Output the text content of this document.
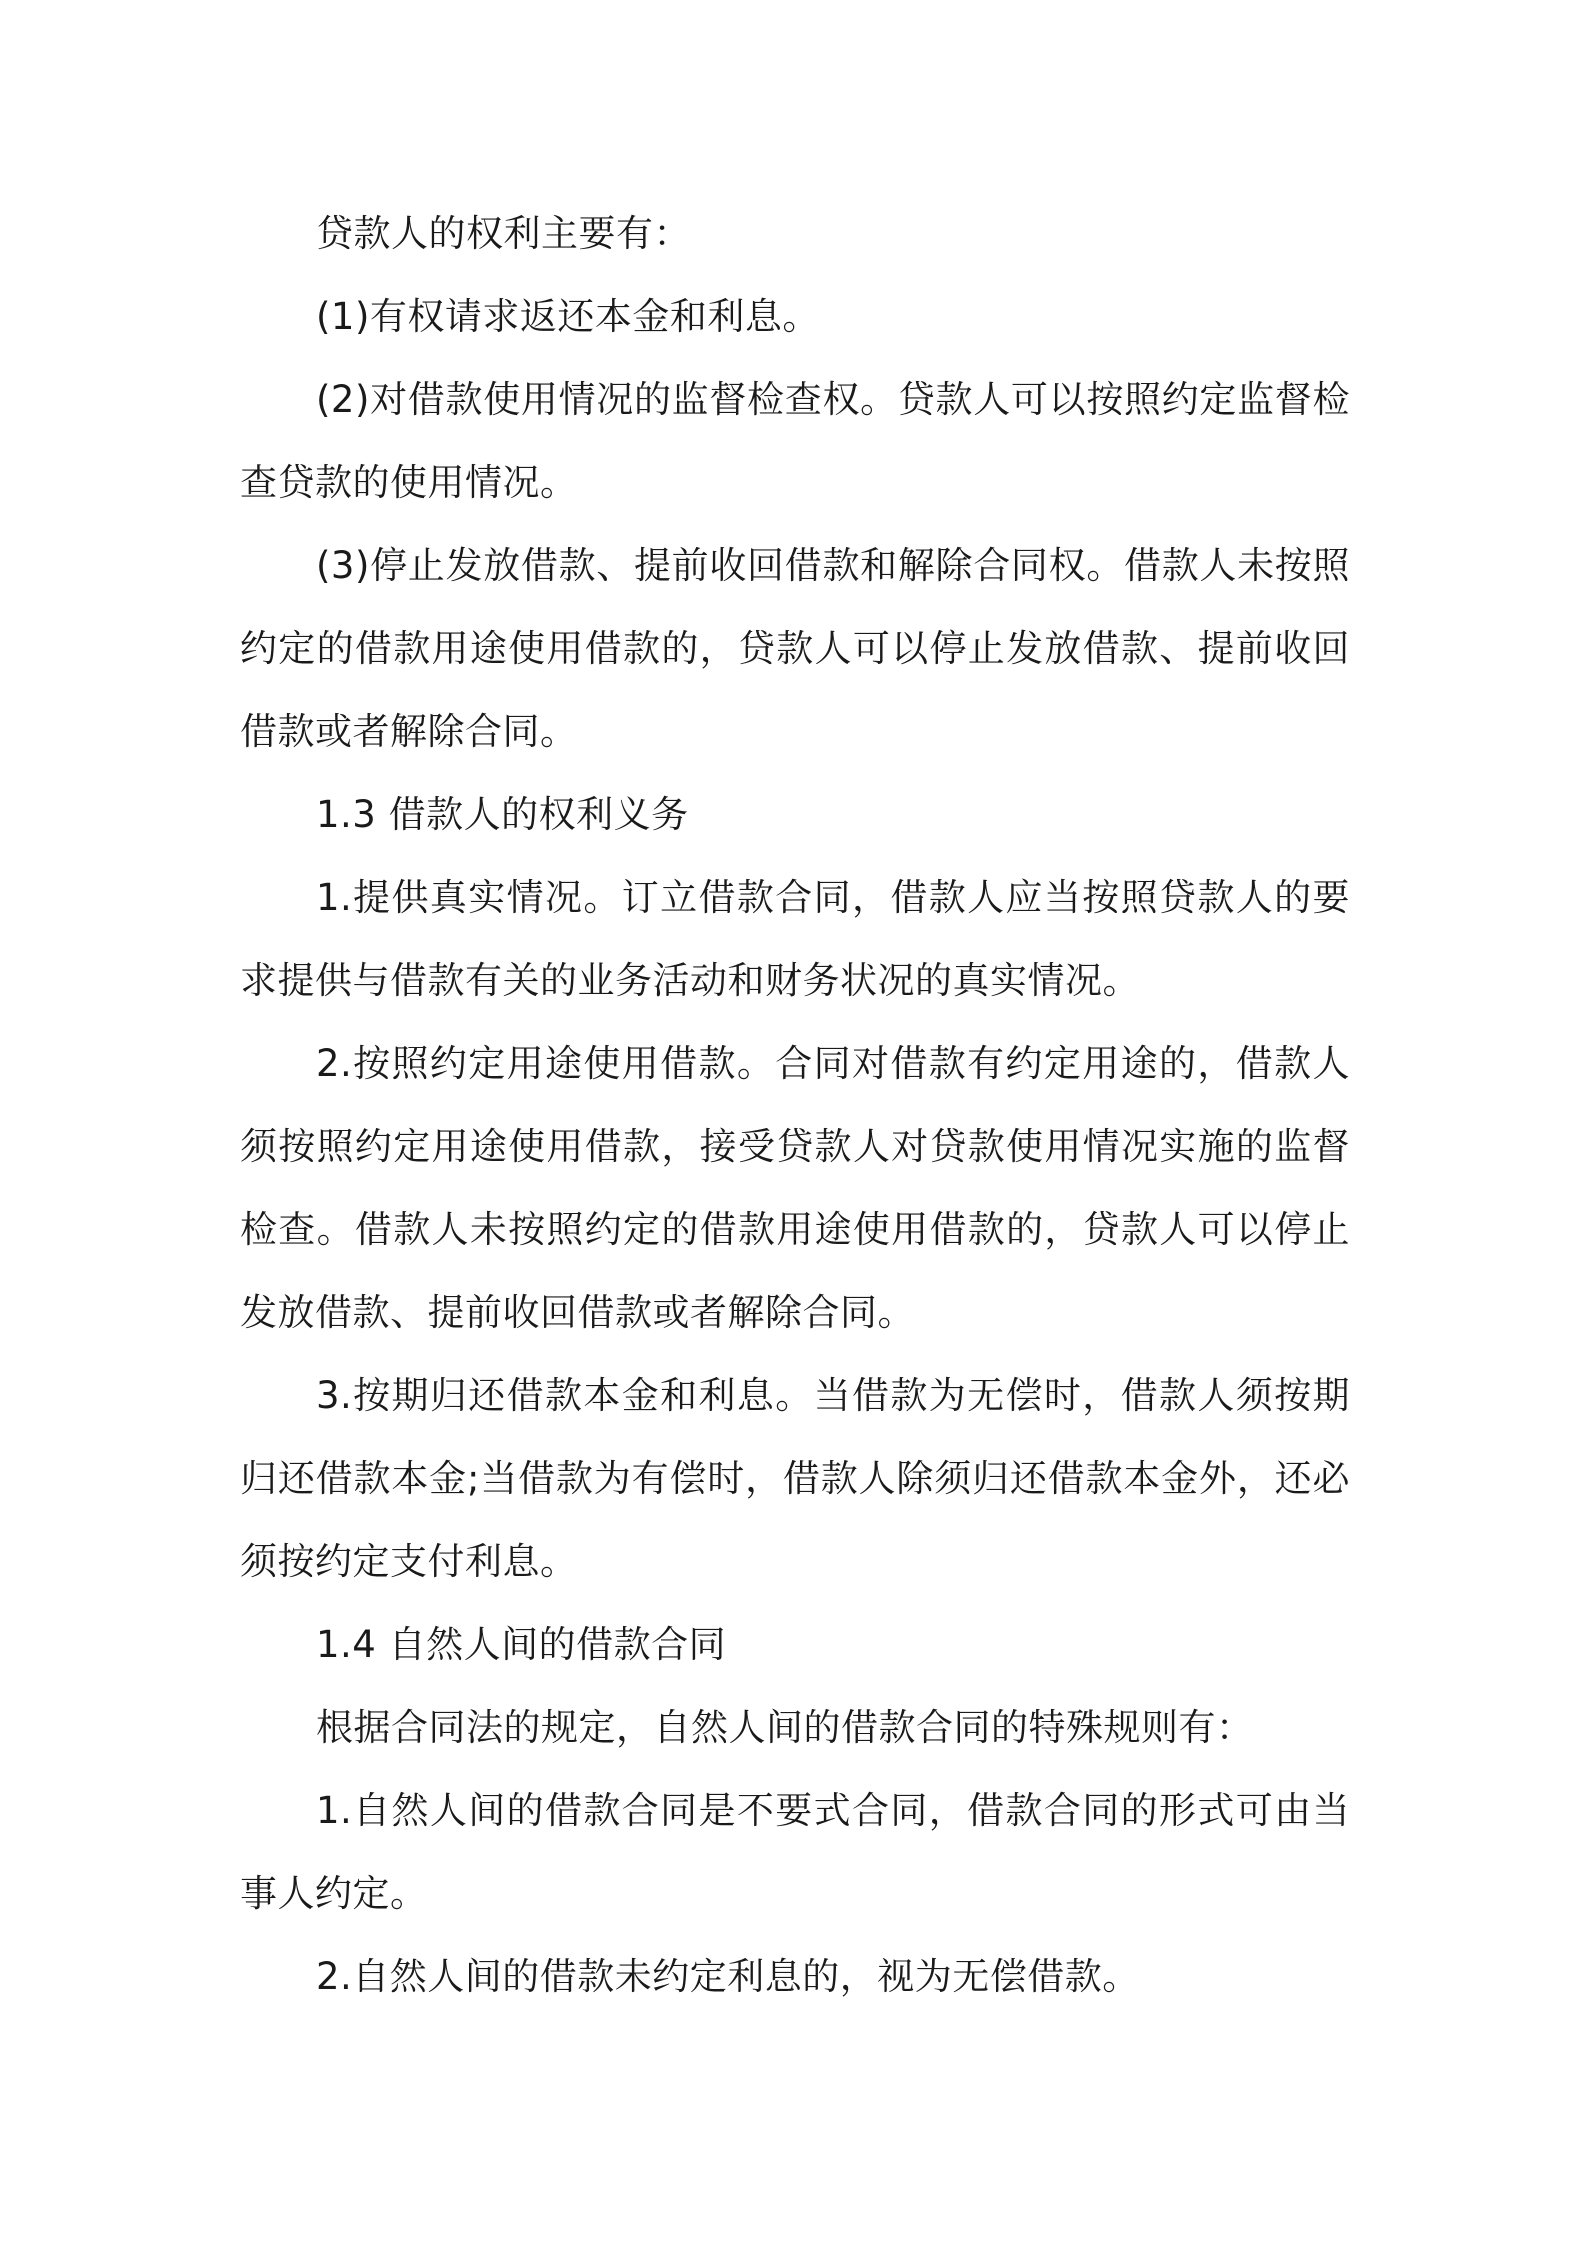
贷款人的权利主要有：

(1)有权请求返还本金和利息。

(2)对借款使用情况的监督检查权。贷款人可以按照约定监督检查贷款的使用情况。

(3)停止发放借款、提前收回借款和解除合同权。借款人未按照约定的借款用途使用借款的，贷款人可以停止发放借款、提前收回借款或者解除合同。

1.3 借款人的权利义务

1.提供真实情况。订立借款合同，借款人应当按照贷款人的要求提供与借款有关的业务活动和财务状况的真实情况。

2.按照约定用途使用借款。合同对借款有约定用途的，借款人须按照约定用途使用借款，接受贷款人对贷款使用情况实施的监督检查。借款人未按照约定的借款用途使用借款的，贷款人可以停止发放借款、提前收回借款或者解除合同。

3.按期归还借款本金和利息。当借款为无偿时，借款人须按期归还借款本金;当借款为有偿时，借款人除须归还借款本金外，还必须按约定支付利息。

1.4 自然人间的借款合同

根据合同法的规定，自然人间的借款合同的特殊规则有：

1.自然人间的借款合同是不要式合同，借款合同的形式可由当事人约定。

2.自然人间的借款未约定利息的，视为无偿借款。
